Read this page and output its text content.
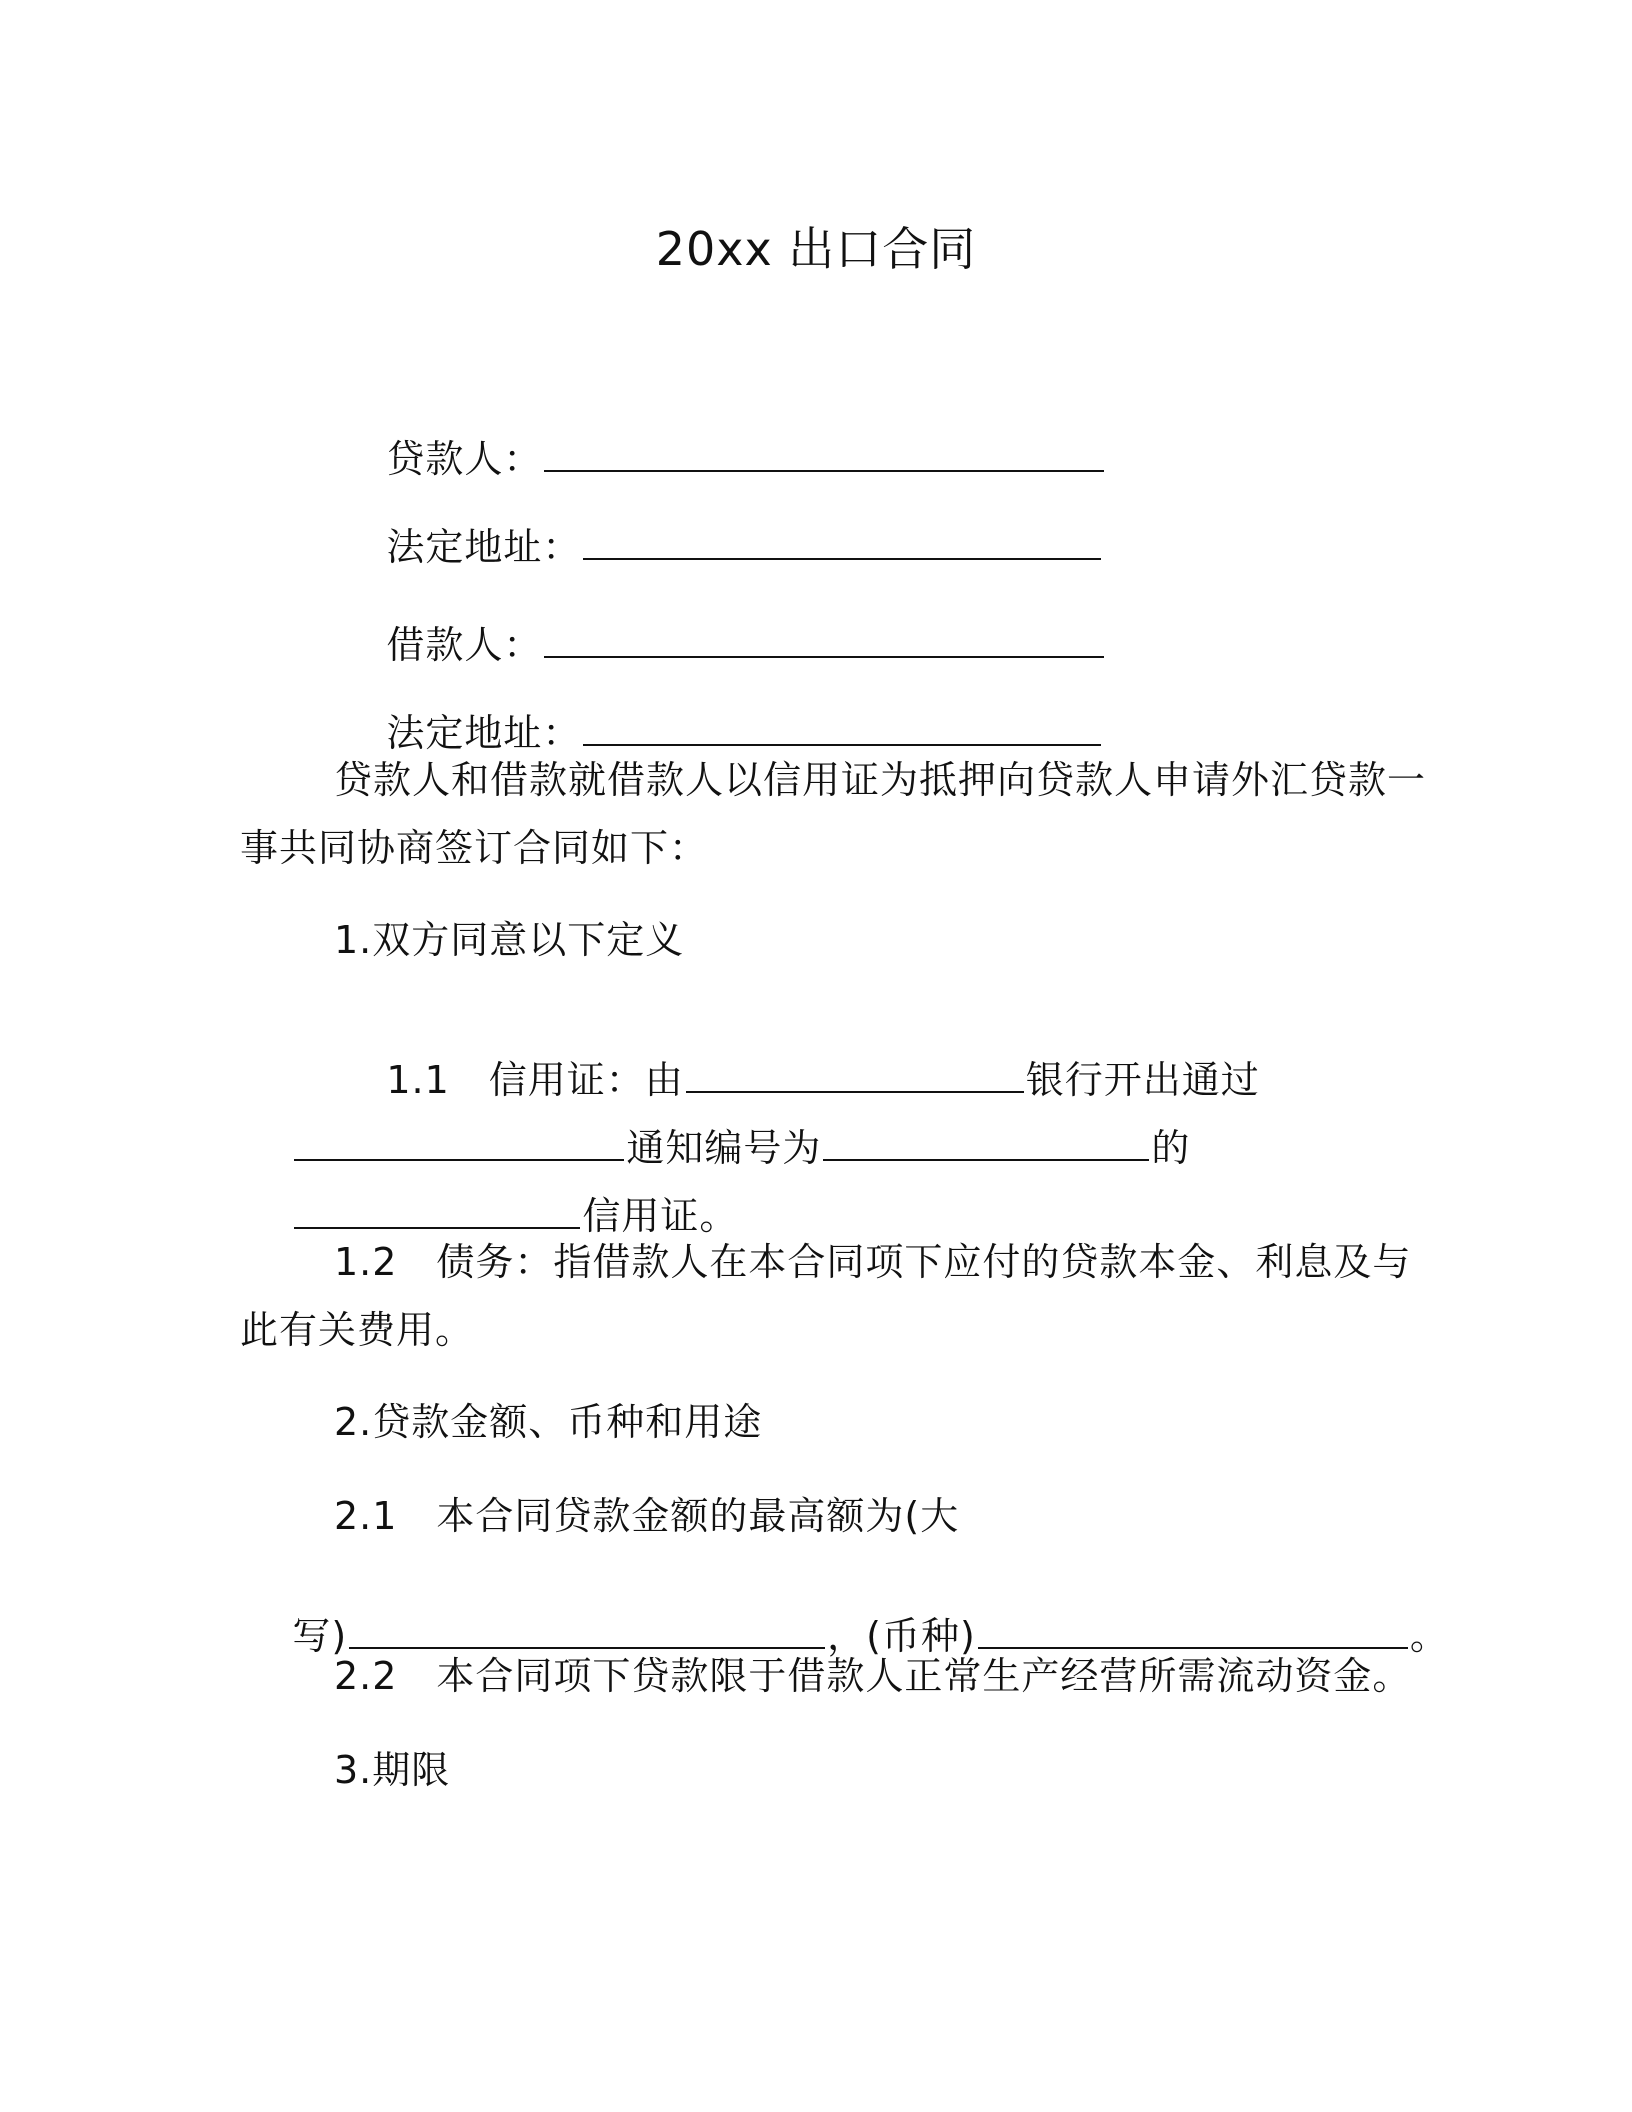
20xx 出口合同

贷款人：

法定地址：

借款人：

法定地址：

贷款人和借款就借款人以信用证为抵押向贷款人申请外汇贷款一
事共同协商签订合同如下：
1.双方同意以下定义

1.1　信用证：由	银行开出通过

通知编号为	的

信用证。

1.2　债务：指借款人在本合同项下应付的贷款本金、利息及与
此有关费用。
2.贷款金额、币种和用途
2.1　本合同贷款金额的最高额为(大

写)	，(币种)	。

2.2　本合同项下贷款限于借款人正常生产经营所需流动资金。
3.期限
